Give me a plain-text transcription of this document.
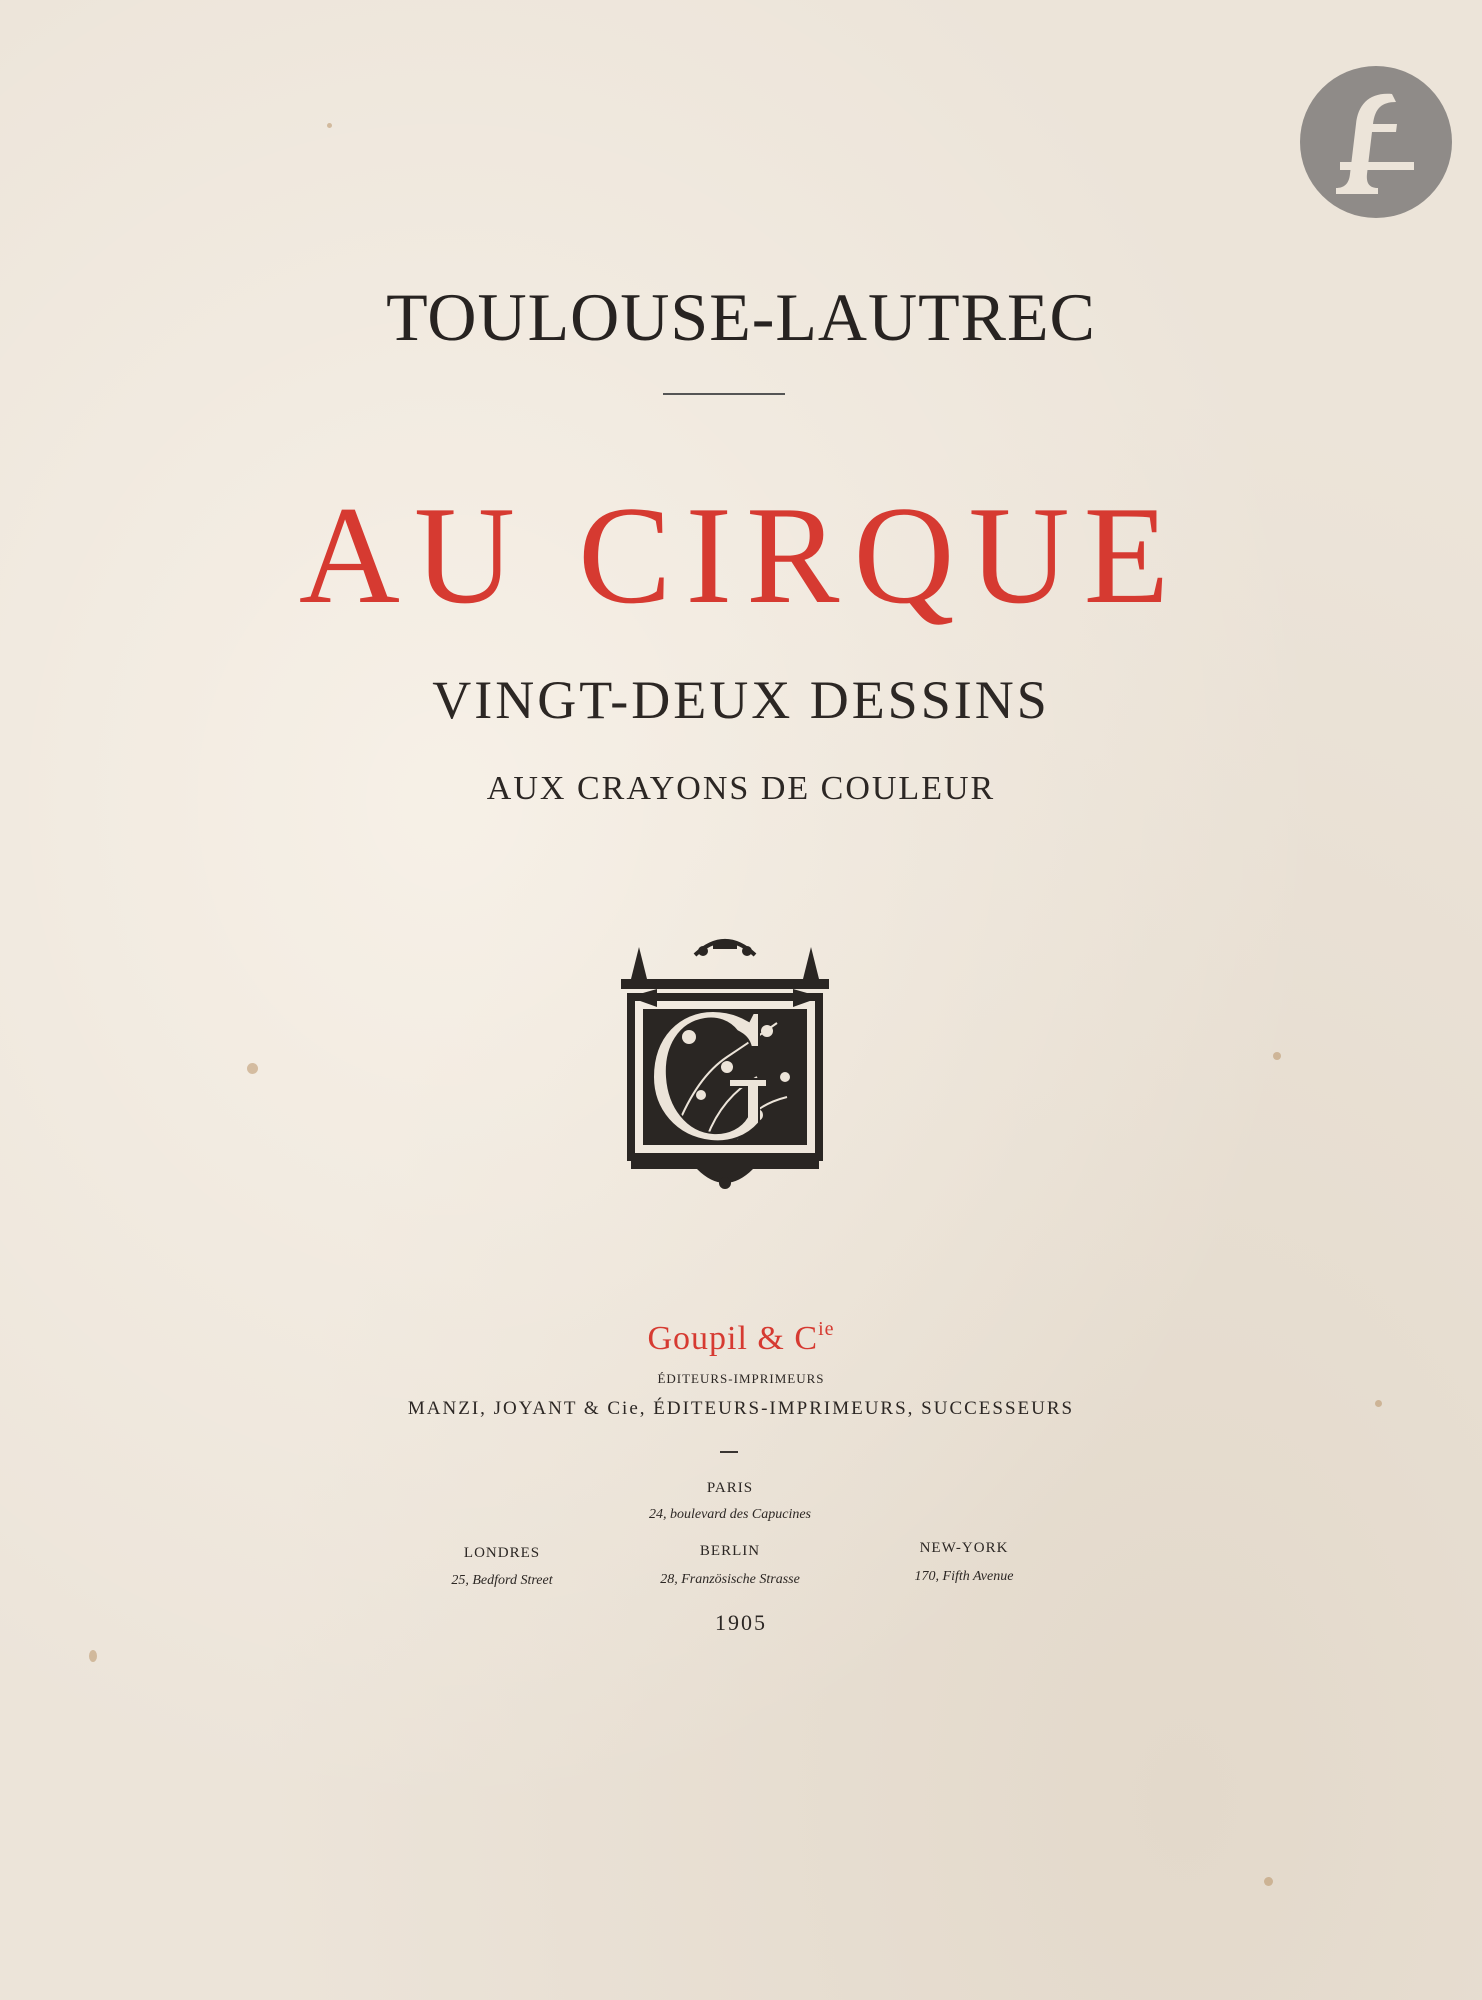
TOULOUSE-LAUTREC
AU CIRQUE
VINGT-DEUX DESSINS
AUX CRAYONS DE COULEUR
Goupil & $C^{ie}$
ÉDITEURS-IMPRIMEURS
MANZI, JOYANT & Cie, ÉDITEURS-IMPRIMEURS, SUCCESSEURS
PARIS
24, boulevard des Capucines
LONDRES
25, Bedford Street
BERLIN
28, Französische Strasse
NEW-YORK
170, Fifth Avenue
1905
